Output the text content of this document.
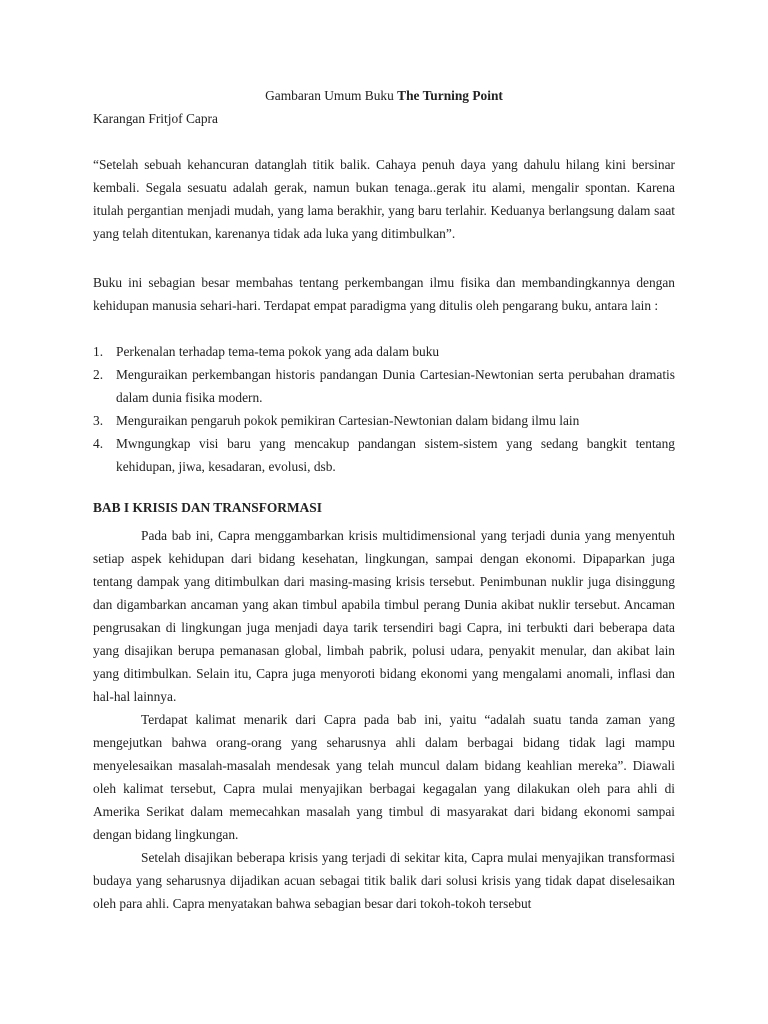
Gambaran Umum Buku The Turning Point
Karangan Fritjof Capra

“Setelah sebuah kehancuran datanglah titik balik. Cahaya penuh daya yang dahulu hilang kini bersinar kembali. Segala sesuatu adalah gerak, namun bukan tenaga..gerak itu alami, mengalir spontan. Karena itulah pergantian menjadi mudah, yang lama berakhir, yang baru terlahir. Keduanya berlangsung dalam saat yang telah ditentukan, karenanya tidak ada luka yang ditimbulkan”.

Buku ini sebagian besar membahas tentang perkembangan ilmu fisika dan membandingkannya dengan kehidupan manusia sehari-hari. Terdapat empat paradigma yang ditulis oleh pengarang buku, antara lain :

1. Perkenalan terhadap tema-tema pokok yang ada dalam buku
2. Menguraikan perkembangan historis pandangan Dunia Cartesian-Newtonian serta perubahan dramatis dalam dunia fisika modern.
3. Menguraikan pengaruh pokok pemikiran Cartesian-Newtonian dalam bidang ilmu lain
4. Mwngungkap visi baru yang mencakup pandangan sistem-sistem yang sedang bangkit tentang kehidupan, jiwa, kesadaran, evolusi, dsb.
BAB I KRISIS DAN TRANSFORMASI

Pada bab ini, Capra menggambarkan krisis multidimensional yang terjadi dunia yang menyentuh setiap aspek kehidupan dari bidang kesehatan, lingkungan, sampai dengan ekonomi. Dipaparkan juga tentang dampak yang ditimbulkan dari masing-masing krisis tersebut. Penimbunan nuklir juga disinggung dan digambarkan ancaman yang akan timbul apabila timbul perang Dunia akibat nuklir tersebut. Ancaman pengrusakan di lingkungan juga menjadi daya tarik tersendiri bagi Capra, ini terbukti dari beberapa data yang disajikan berupa pemanasan global, limbah pabrik, polusi udara, penyakit menular, dan akibat lain yang ditimbulkan. Selain itu, Capra juga menyoroti bidang ekonomi yang mengalami anomali, inflasi dan hal-hal lainnya.

Terdapat kalimat menarik dari Capra pada bab ini, yaitu “adalah suatu tanda zaman yang mengejutkan bahwa orang-orang yang seharusnya ahli dalam berbagai bidang tidak lagi mampu menyelesaikan masalah-masalah mendesak yang telah muncul dalam bidang keahlian mereka”. Diawali oleh kalimat tersebut, Capra mulai menyajikan berbagai kegagalan yang dilakukan oleh para ahli di Amerika Serikat dalam memecahkan masalah yang timbul di masyarakat dari bidang ekonomi sampai dengan bidang lingkungan.

Setelah disajikan beberapa krisis yang terjadi di sekitar kita, Capra mulai menyajikan transformasi budaya yang seharusnya dijadikan acuan sebagai titik balik dari solusi krisis yang tidak dapat diselesaikan oleh para ahli. Capra menyatakan bahwa sebagian besar dari tokoh-tokoh tersebut
